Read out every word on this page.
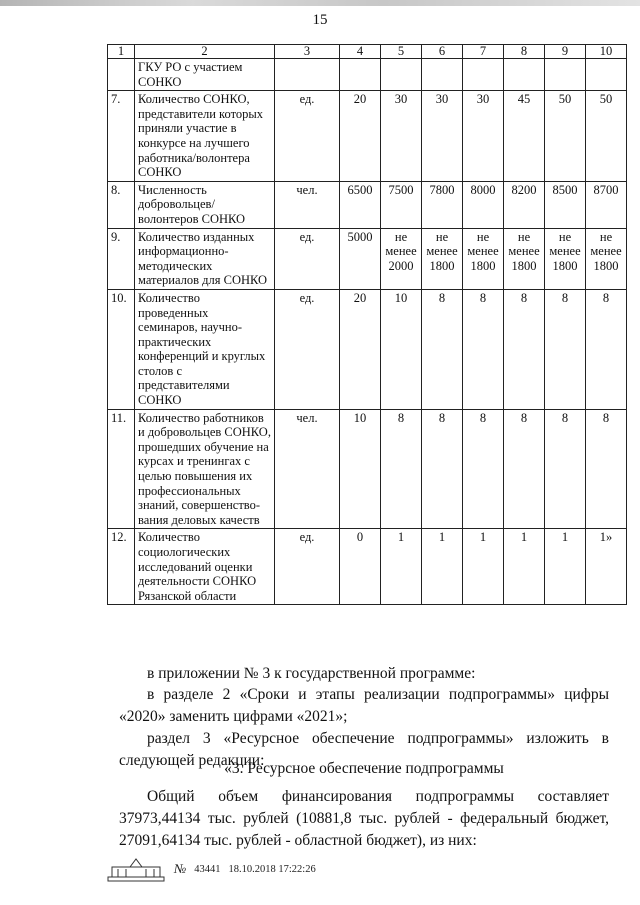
15
1	2	3	4	5	6	7	8	9	10
	ГКУ РО с участием СОНКО								
7.	Количество СОНКО, представители которых приняли участие в конкурсе на лучшего работника/волонтера СОНКО	ед.	20	30	30	30	45	50	50
8.	Численность добровольцев/ волонтеров СОНКО	чел.	6500	7500	7800	8000	8200	8500	8700
9.	Количество изданных информационно-методических материалов для СОНКО	ед.	5000	не менее 2000	не менее 1800	не менее 1800	не менее 1800	не менее 1800	не менее 1800
10.	Количество проведенных семинаров, научно-практических конференций и круглых столов с представителями СОНКО	ед.	20	10	8	8	8	8	8
11.	Количество работников и добровольцев СОНКО, прошедших обучение на курсах и тренингах с целью повышения их профессиональных знаний, совершенство-вания деловых качеств	чел.	10	8	8	8	8	8	8
12.	Количество социологических исследований оценки деятельности СОНКО Рязанской области	ед.	0	1	1	1	1	1	1»
в приложении № 3 к государственной программе:
в разделе 2 «Сроки и этапы реализации подпрограммы» цифры «2020» заменить цифрами «2021»;
раздел 3 «Ресурсное обеспечение подпрограммы» изложить в следующей редакции:
«3. Ресурсное обеспечение подпрограммы
Общий объем финансирования подпрограммы составляет 37973,44134 тыс. рублей (10881,8 тыс. рублей - федеральный бюджет, 27091,64134 тыс. рублей - областной бюджет), из них:
№ 43441 18.10.2018 17:22:26
